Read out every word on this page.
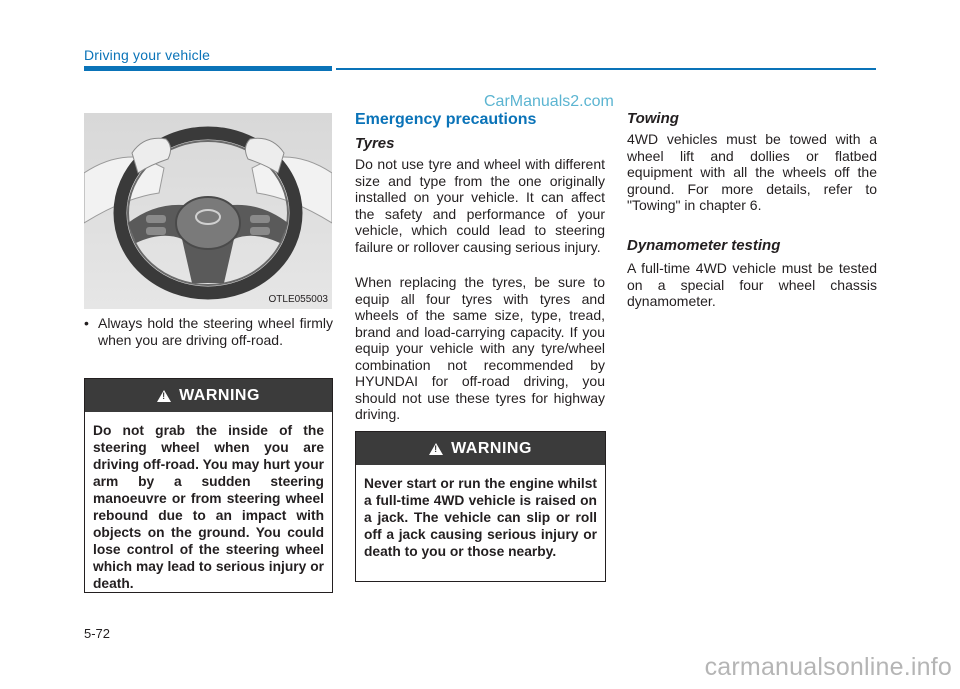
Driving your vehicle
CarManuals2.com
OTLE055003
• Always hold the steering wheel firmly when you are driving off-road.
!
WARNING
Do not grab the inside of the steering wheel when you are driving off-road. You may hurt your arm by a sudden steering manoeuvre or from steering wheel rebound due to an impact with objects on the ground. You could lose control of the steering wheel which may lead to serious injury or death.
Emergency precautions
Tyres
Do not use tyre and wheel with different size and type from the one originally installed on your vehicle. It can affect the safety and performance of your vehicle, which could lead to steering failure or rollover causing serious injury.
When replacing the tyres, be sure to equip all four tyres with tyres and wheels of the same size, type, tread, brand and load-carrying capacity. If you equip your vehicle with any tyre/wheel combination not recommended by HYUNDAI for off-road driving, you should not use these tyres for highway driving.
!
WARNING
Never start or run the engine whilst a full-time 4WD vehicle is raised on a jack. The vehicle can slip or roll off a jack causing serious injury or death to you or those nearby.
Towing
4WD vehicles must be towed with a wheel lift and dollies or flatbed equipment with all the wheels off the ground. For more details, refer to "Towing" in chapter 6.
Dynamometer testing
A full-time 4WD vehicle must be tested on a special four wheel chassis dynamometer.
5-72
carmanualsonline.info
